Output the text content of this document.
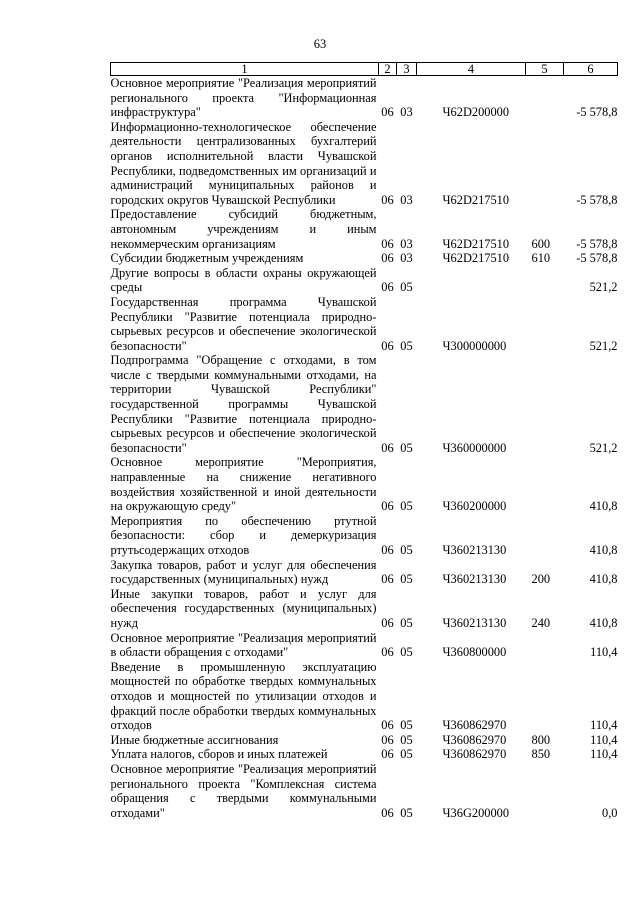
63
1	2	3	4	5	6
Основное мероприятие "Реализация мероприятий регионального проекта "Информационная инфраструктура"	06	03	Ч62D200000		-5 578,8
Информационно-технологическое обеспечение деятельности централизованных бухгалтерий органов исполнительной власти Чувашской Республики, подведомственных им организаций и администраций муниципальных районов и городских округов Чувашской Республики	06	03	Ч62D217510		-5 578,8
Предоставление субсидий бюджетным, автономным учреждениям и иным некоммерческим организациям	06	03	Ч62D217510	600	-5 578,8
Субсидии бюджетным учреждениям	06	03	Ч62D217510	610	-5 578,8
Другие вопросы в области охраны окружающей среды	06	05			521,2
Государственная программа Чувашской Республики "Развитие потенциала природно-сырьевых ресурсов и обеспечение экологической безопасности"	06	05	Ч300000000		521,2
Подпрограмма "Обращение с отходами, в том числе с твердыми коммунальными отходами, на территории Чувашской Республики" государственной программы Чувашской Республики "Развитие потенциала природно-сырьевых ресурсов и обеспечение экологической безопасности"	06	05	Ч360000000		521,2
Основное мероприятие "Мероприятия, направленные на снижение негативного воздействия хозяйственной и иной деятельности на окружающую среду"	06	05	Ч360200000		410,8
Мероприятия по обеспечению ртутной безопасности: сбор и демеркуризация ртутьсодержащих отходов	06	05	Ч360213130		410,8
Закупка товаров, работ и услуг для обеспечения государственных (муниципальных) нужд	06	05	Ч360213130	200	410,8
Иные закупки товаров, работ и услуг для обеспечения государственных (муниципальных) нужд	06	05	Ч360213130	240	410,8
Основное мероприятие "Реализация мероприятий в области обращения с отходами"	06	05	Ч360800000		110,4
Введение в промышленную эксплуатацию мощностей по обработке твердых коммунальных отходов и мощностей по утилизации отходов и фракций после обработки твердых коммунальных отходов	06	05	Ч360862970		110,4
Иные бюджетные ассигнования	06	05	Ч360862970	800	110,4
Уплата налогов, сборов и иных платежей	06	05	Ч360862970	850	110,4
Основное мероприятие "Реализация мероприятий регионального проекта "Комплексная система обращения с твердыми коммунальными отходами"	06	05	Ч36G200000		0,0
